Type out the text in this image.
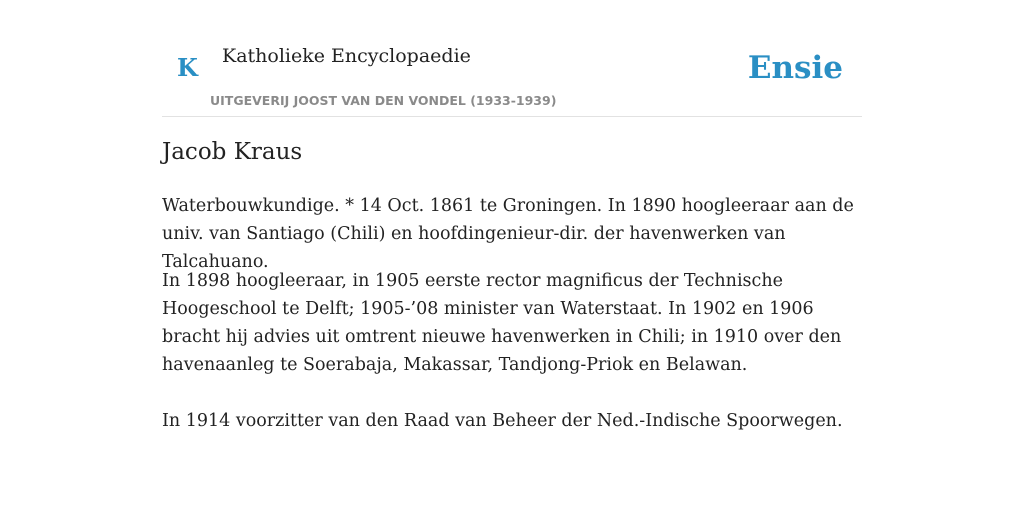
K Katholieke Encyclopaedie
UITGEVERIJ JOOST VAN DEN VONDEL (1933-1939)
Ensie
Jacob Kraus

Waterbouwkundige. * 14 Oct. 1861 te Groningen. In 1890 hoogleeraar aan de univ. van Santiago (Chili) en hoofdingenieur-dir. der havenwerken van Talcahuano.

In 1898 hoogleeraar, in 1905 eerste rector magnificus der Technische Hoogeschool te Delft; 1905-’08 minister van Waterstaat. In 1902 en 1906 bracht hij advies uit omtrent nieuwe havenwerken in Chili; in 1910 over den havenaanleg te Soerabaja, Makassar, Tandjong-Priok en Belawan.

In 1914 voorzitter van den Raad van Beheer der Ned.-Indische Spoorwegen.
